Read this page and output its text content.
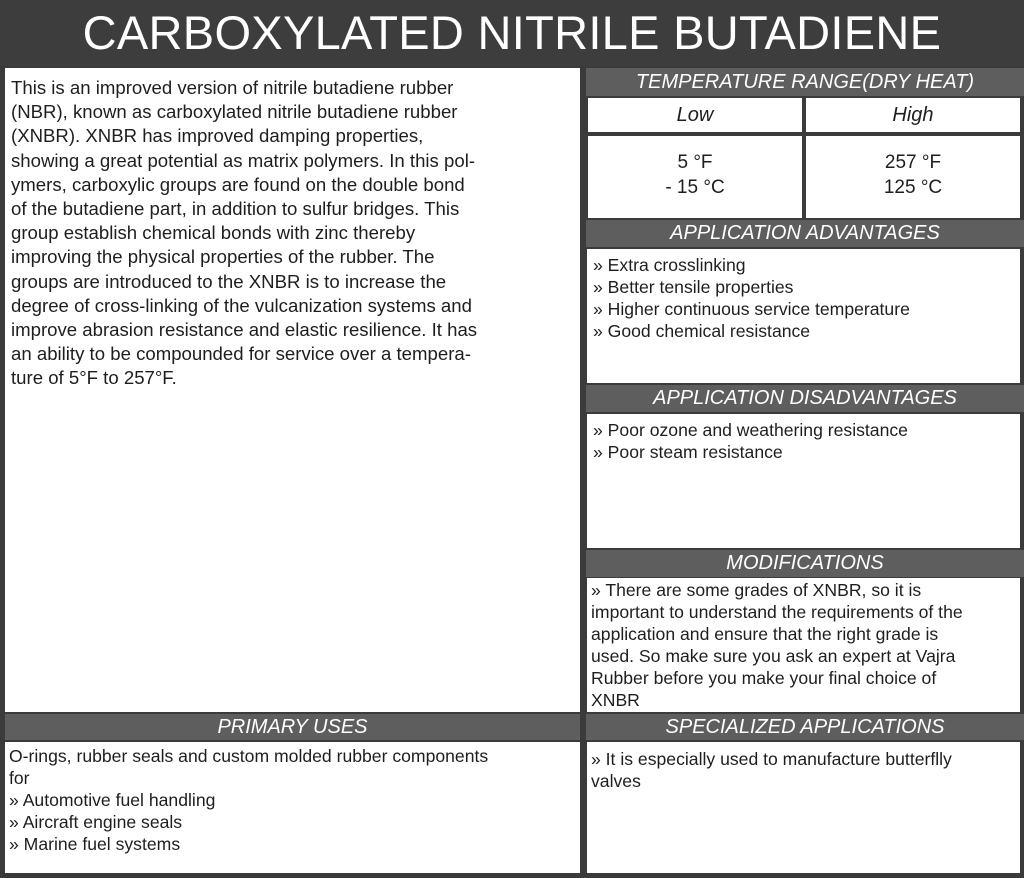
CARBOXYLATED NITRILE BUTADIENE
This is an improved version of nitrile butadiene rubber
(NBR), known as carboxylated nitrile butadiene rubber
(XNBR). XNBR has improved damping properties,
showing a great potential as matrix polymers. In this pol-
ymers, carboxylic groups are found on the double bond
of the butadiene part, in addition to sulfur bridges. This
group establish chemical bonds with zinc thereby
improving the physical properties of the rubber. The
groups are introduced to the XNBR is to increase the
degree of cross-linking of the vulcanization systems and
improve abrasion resistance and elastic resilience. It has
an ability to be compounded for service over a tempera-
ture of 5°F to 257°F.
TEMPERATURE RANGE(DRY HEAT)
Low	High
5 °F
- 15 °C
257 °F
125 °C
APPLICATION ADVANTAGES
» Extra crosslinking
» Better tensile properties
» Higher continuous service temperature
» Good chemical resistance
APPLICATION DISADVANTAGES
» Poor ozone and weathering resistance
» Poor steam resistance
MODIFICATIONS
» There are some grades of XNBR, so it is
important to understand the requirements of the
application and ensure that the right grade is
used. So make sure you ask an expert at Vajra
Rubber before you make your final choice of
XNBR
PRIMARY USES
O-rings, rubber seals and custom molded rubber components
for
» Automotive fuel handling
» Aircraft engine seals
» Marine fuel systems
SPECIALIZED APPLICATIONS
» It is especially used to manufacture butterflly
valves
